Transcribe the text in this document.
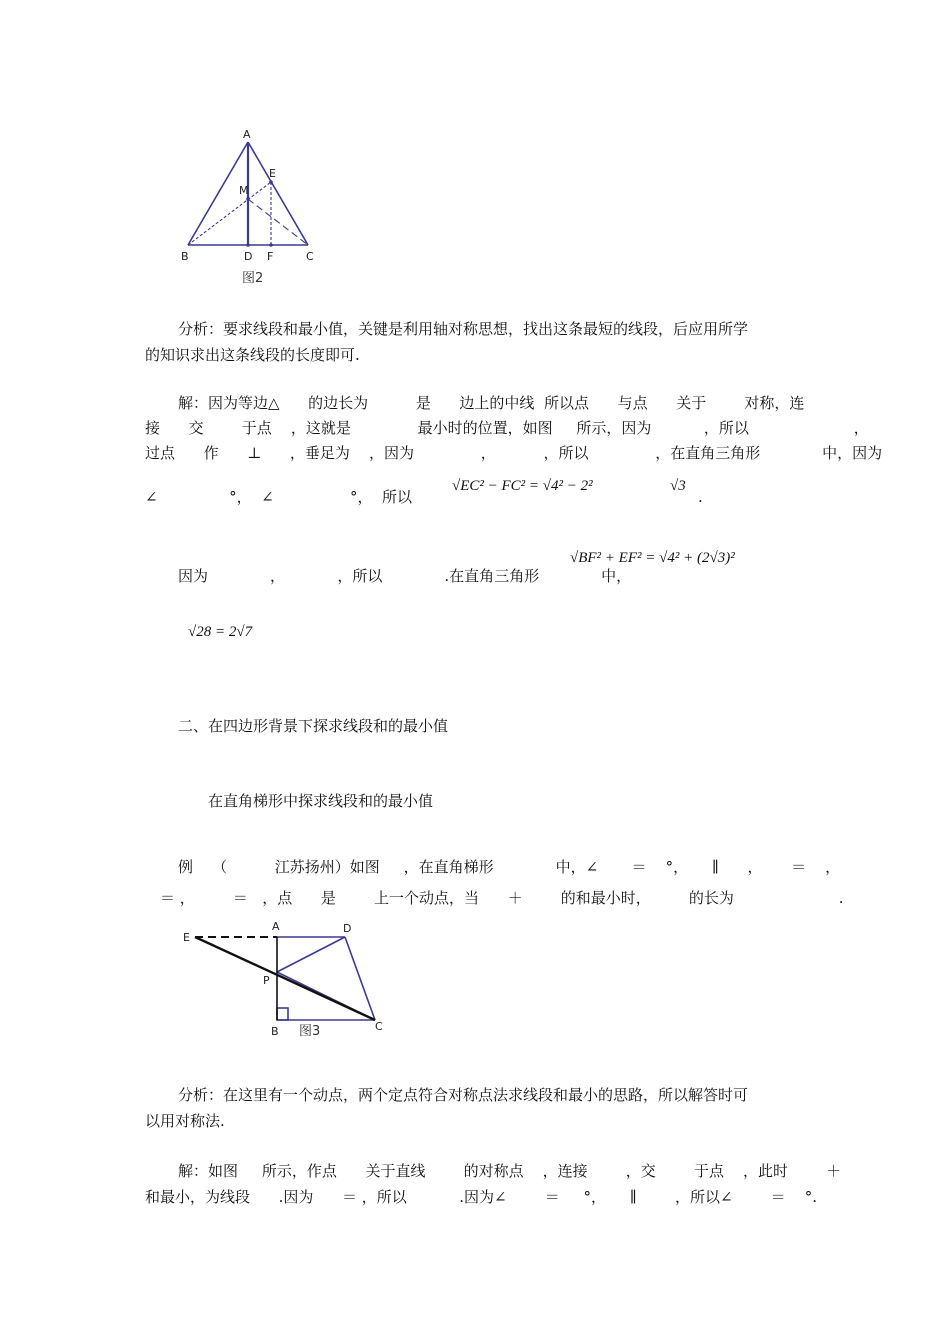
A
E
M
B	D F	C
图2
分析：要求线段和最小值，关键是利用轴对称思想，找出这条最短的线段，后应用所学
的知识求出这条线段的长度即可.
解：因为等边△      的边长为          是      边上的中线  所以点      与点      关于        对称，连
接      交        于点    ，这就是              最小时的位置，如图     所示，因为           ，所以                      ，
过点      作      ⊥      ，垂足为    ，因为              ，          ，所以              ，在直角三角形             中，因为
∠               °，  ∠                °，  所以
√EC² − FC² = √4² − 2²	√3
.
因为             ，           ，所以             .在直角三角形             中，
√BF² + EF² = √4² + (2√3)²
√28 = 2√7
二、在四边形背景下探求线段和的最小值
在直角梯形中探求线段和的最小值
例    （          江苏扬州）如图     ，在直角梯形             中，∠       ＝    °，     ∥      ，      ＝    ，
＝ ，        ＝   ，点      是        上一个动点，当      ＋        的和最小时，        的长为                      .
E
A	D
P
B	C
图3
分析：在这里有一个动点，两个定点符合对称点法求线段和最小的思路，所以解答时可
以用对称法.
解：如图     所示，作点      关于直线        的对称点    ，连接        ，交        于点    ，此时        ＋
和最小，为线段      .因为      ＝ ，所以           .因为∠        ＝     °，     ∥        ，所以∠        ＝    °.
